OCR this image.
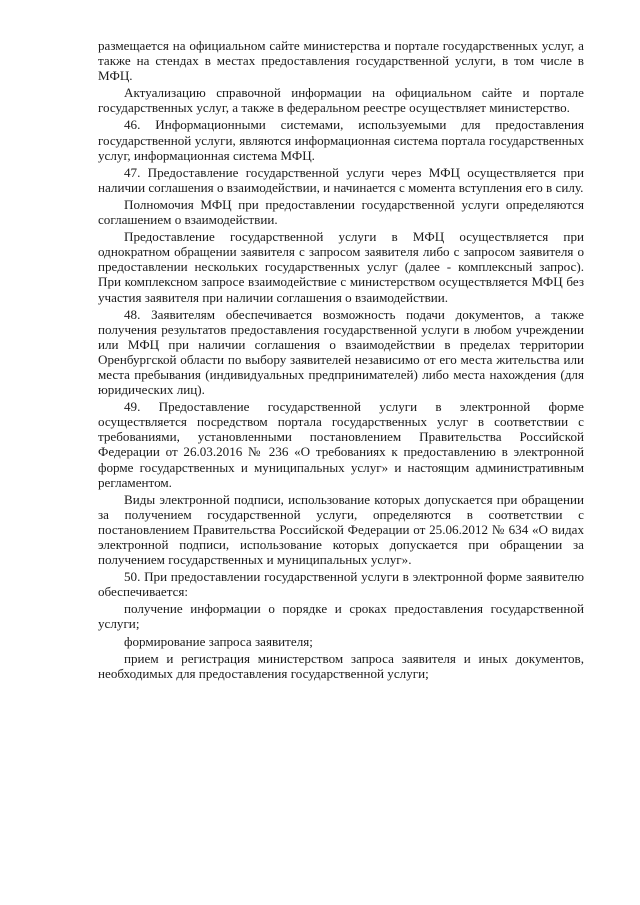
размещается на официальном сайте министерства и портале государственных услуг, а также на стендах в местах предоставления государственной услуги, в том числе в МФЦ.

Актуализацию справочной информации на официальном сайте и портале государственных услуг, а также в федеральном реестре осуществляет министерство.

46. Информационными системами, используемыми для предоставления государственной услуги, являются информационная система портала государственных услуг, информационная система МФЦ.

47. Предоставление государственной услуги через МФЦ осуществляется при наличии соглашения о взаимодействии, и начинается с момента вступления его в силу.

Полномочия МФЦ при предоставлении государственной услуги определяются соглашением о взаимодействии.

Предоставление государственной услуги в МФЦ осуществляется при однократном обращении заявителя с запросом заявителя либо с запросом заявителя о предоставлении нескольких государственных услуг (далее - комплексный запрос). При комплексном запросе взаимодействие с министерством осуществляется МФЦ без участия заявителя при наличии соглашения о взаимодействии.

48. Заявителям обеспечивается возможность подачи документов, а также получения результатов предоставления государственной услуги в любом учреждении или МФЦ при наличии соглашения о взаимодействии в пределах территории Оренбургской области по выбору заявителей независимо от его места жительства или места пребывания (индивидуальных предпринимателей) либо места нахождения (для юридических лиц).

49. Предоставление государственной услуги в электронной форме осуществляется посредством портала государственных услуг в соответствии с требованиями, установленными постановлением Правительства Российской Федерации от 26.03.2016 № 236 «О требованиях к предоставлению в электронной форме государственных и муниципальных услуг» и настоящим административным регламентом.

Виды электронной подписи, использование которых допускается при обращении за получением государственной услуги, определяются в соответствии с постановлением Правительства Российской Федерации от 25.06.2012 № 634 «О видах электронной подписи, использование которых допускается при обращении за получением государственных и муниципальных услуг».

50. При предоставлении государственной услуги в электронной форме заявителю обеспечивается:

получение информации о порядке и сроках предоставления государственной услуги;

формирование запроса заявителя;

прием и регистрация министерством запроса заявителя и иных документов, необходимых для предоставления государственной услуги;
